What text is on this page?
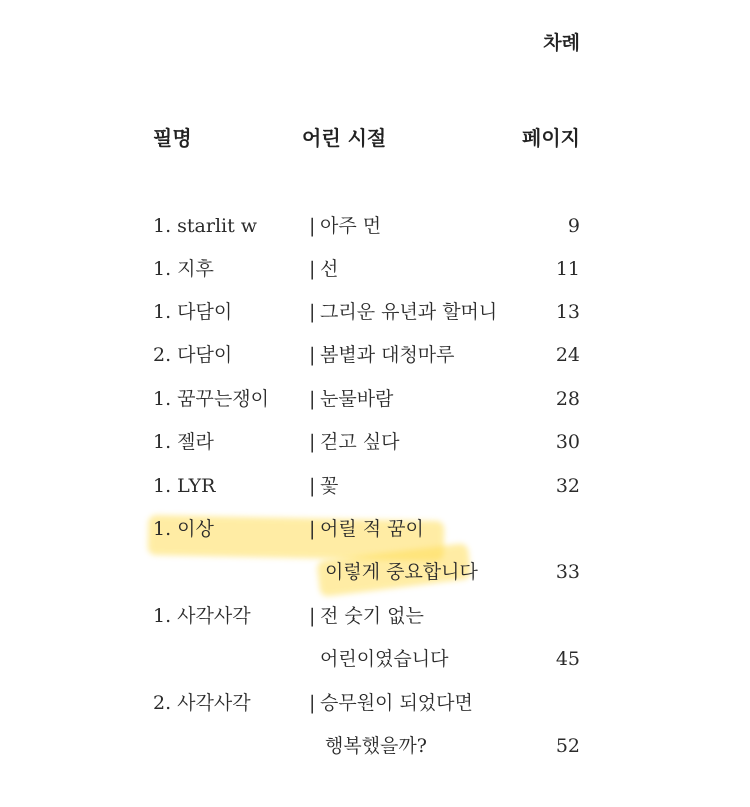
차례
필명	어린 시절	페이지
1. starlit w	| 아주 먼	9
1. 지후	| 선	11
1. 다담이	| 그리운 유년과 할머니	13
2. 다담이	| 봄볕과 대청마루	24
1. 꿈꾸는쟁이 | 눈물바람	28
1. 젤라	| 걷고 싶다	30
1. LYR	| 꽃	32
1. 이상	| 어릴 적 꿈이
이렇게 중요합니다	33
1. 사각사각	| 전 숫기 없는
어린이였습니다	45
2. 사각사각	| 승무원이 되었다면
행복했을까?	52
